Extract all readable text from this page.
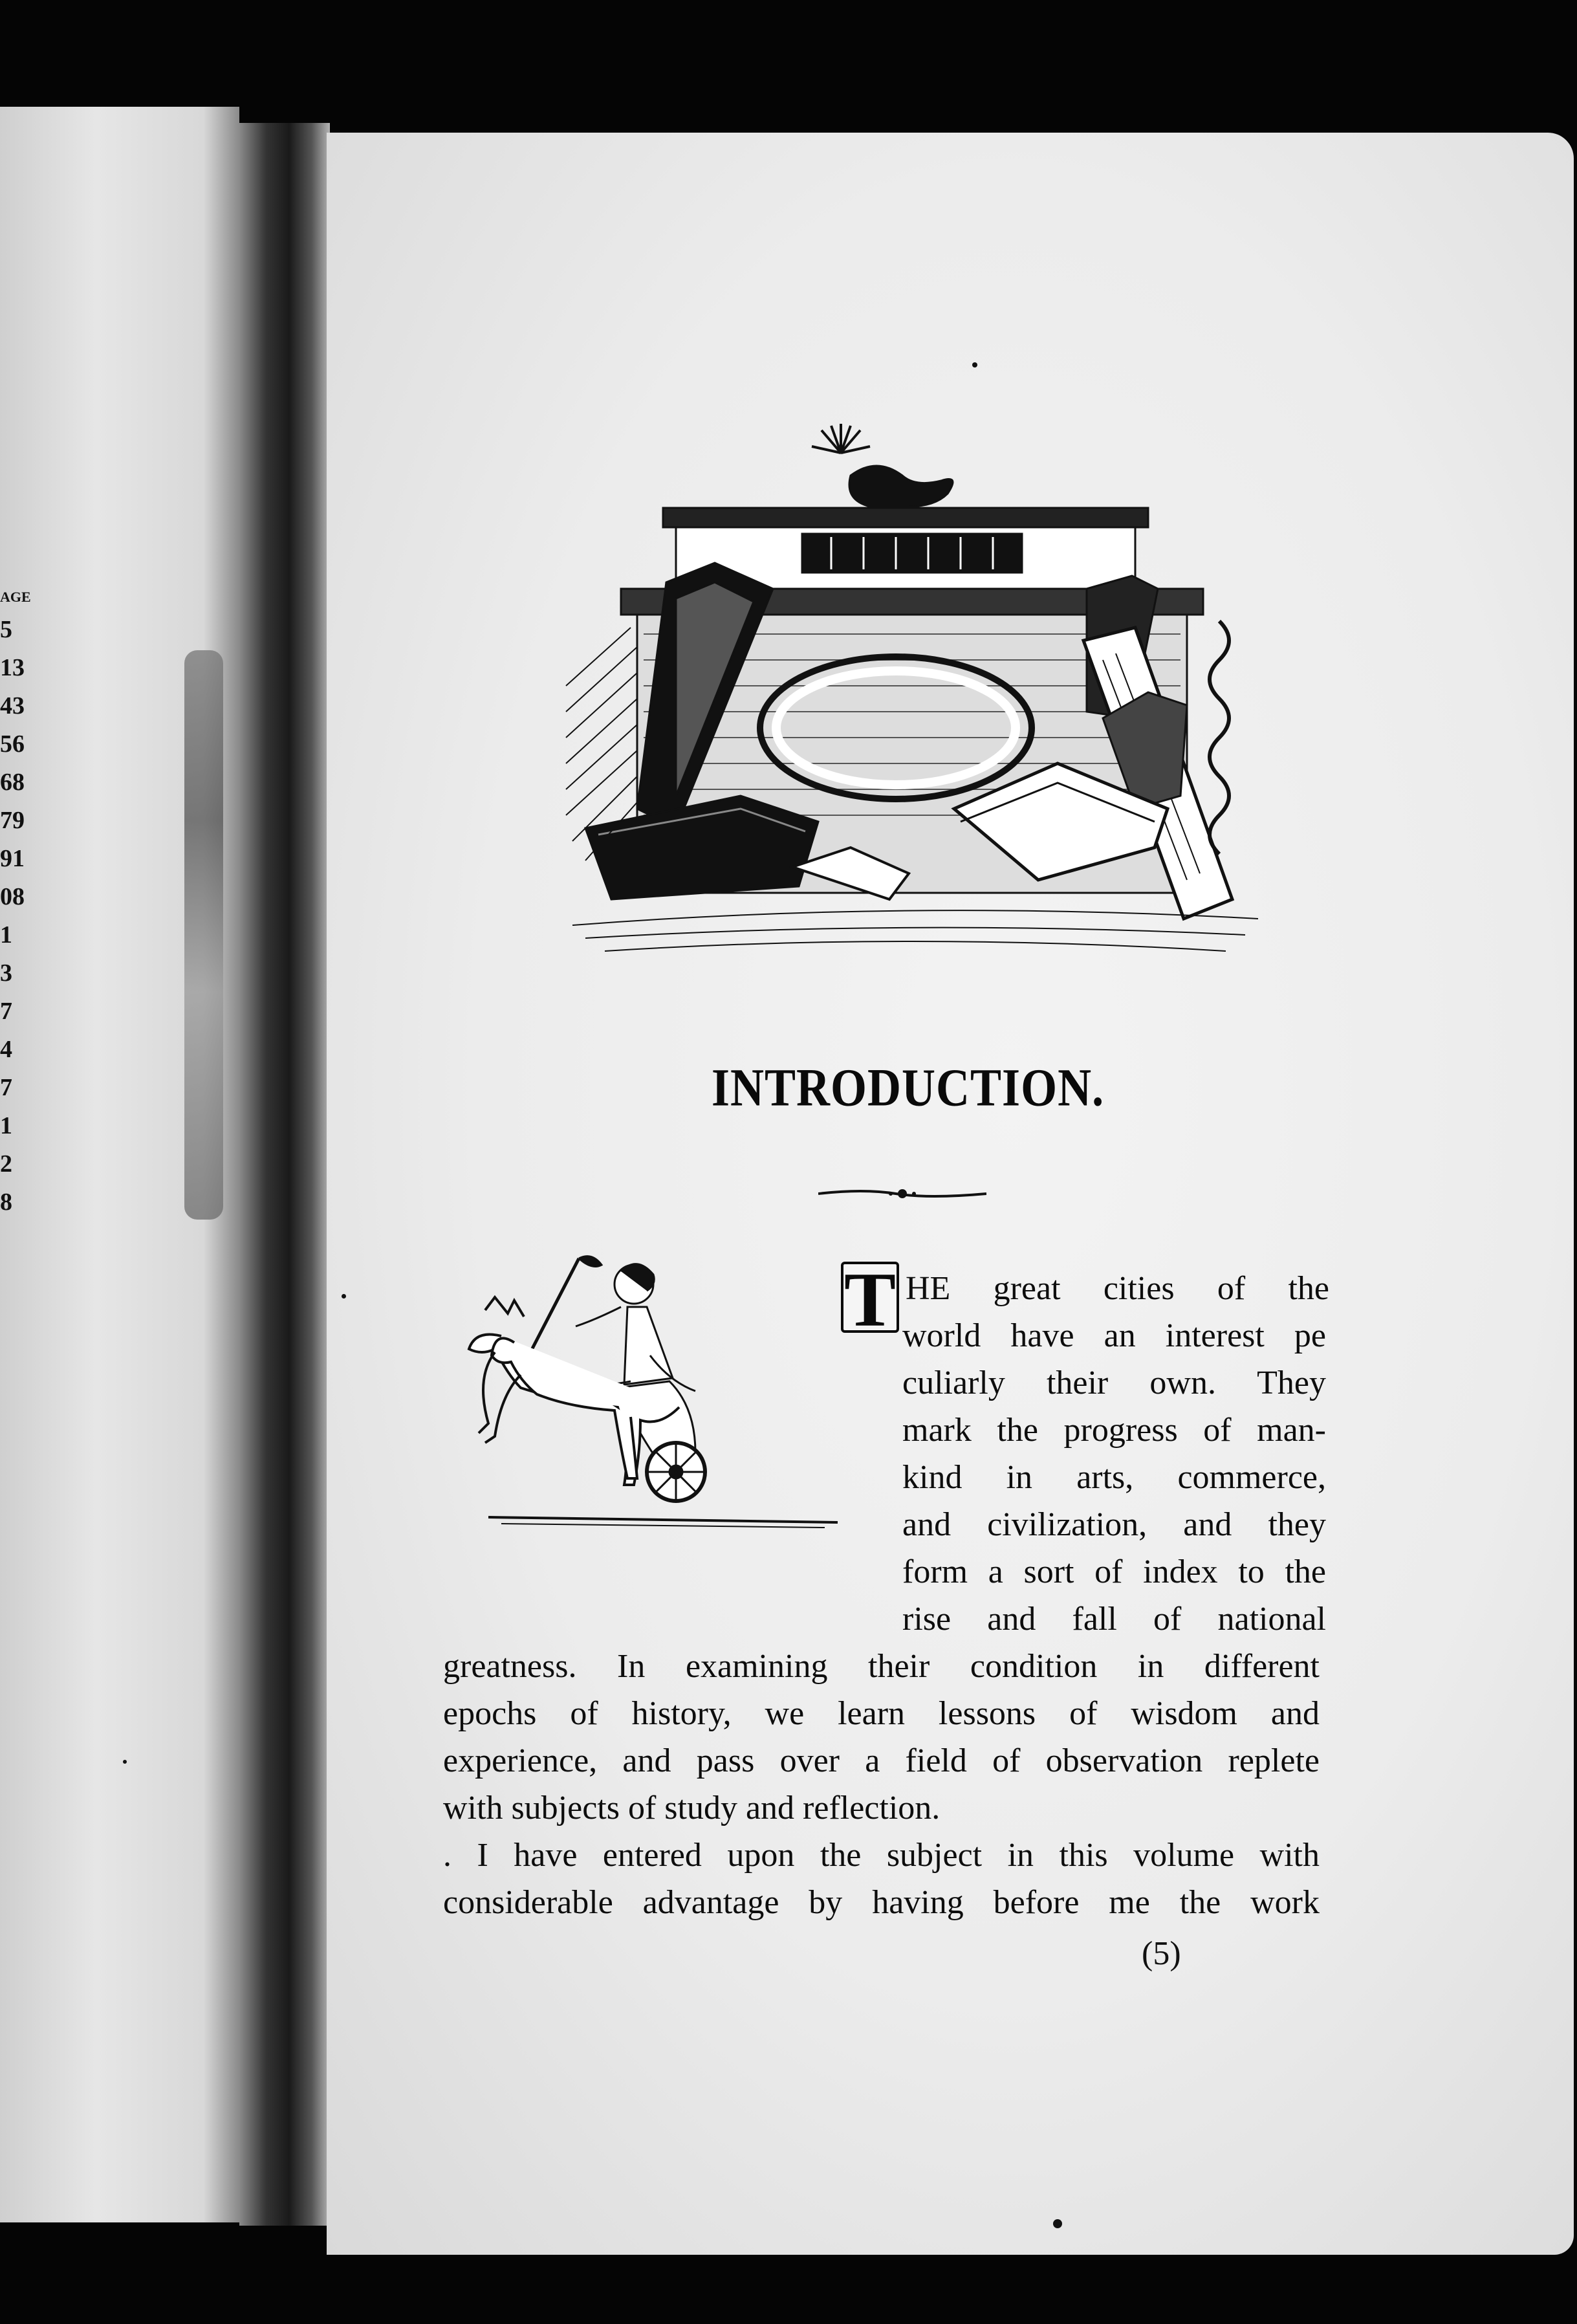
AGE
5
13
43
56
68
79
91
08
1
3
7
4
7
1
2
8
INTRODUCTION.
T HE great cities of the
world have an interest pe
culiarly their own. They
mark the progress of man-
kind in arts, commerce,
and civilization, and they
form a sort of index to the
rise and fall of national
greatness. In examining their condition in different
epochs of history, we learn lessons of wisdom and
experience, and pass over a field of observation replete
with subjects of study and reflection.
. I have entered upon the subject in this volume with
considerable advantage by having before me the work
(5)
